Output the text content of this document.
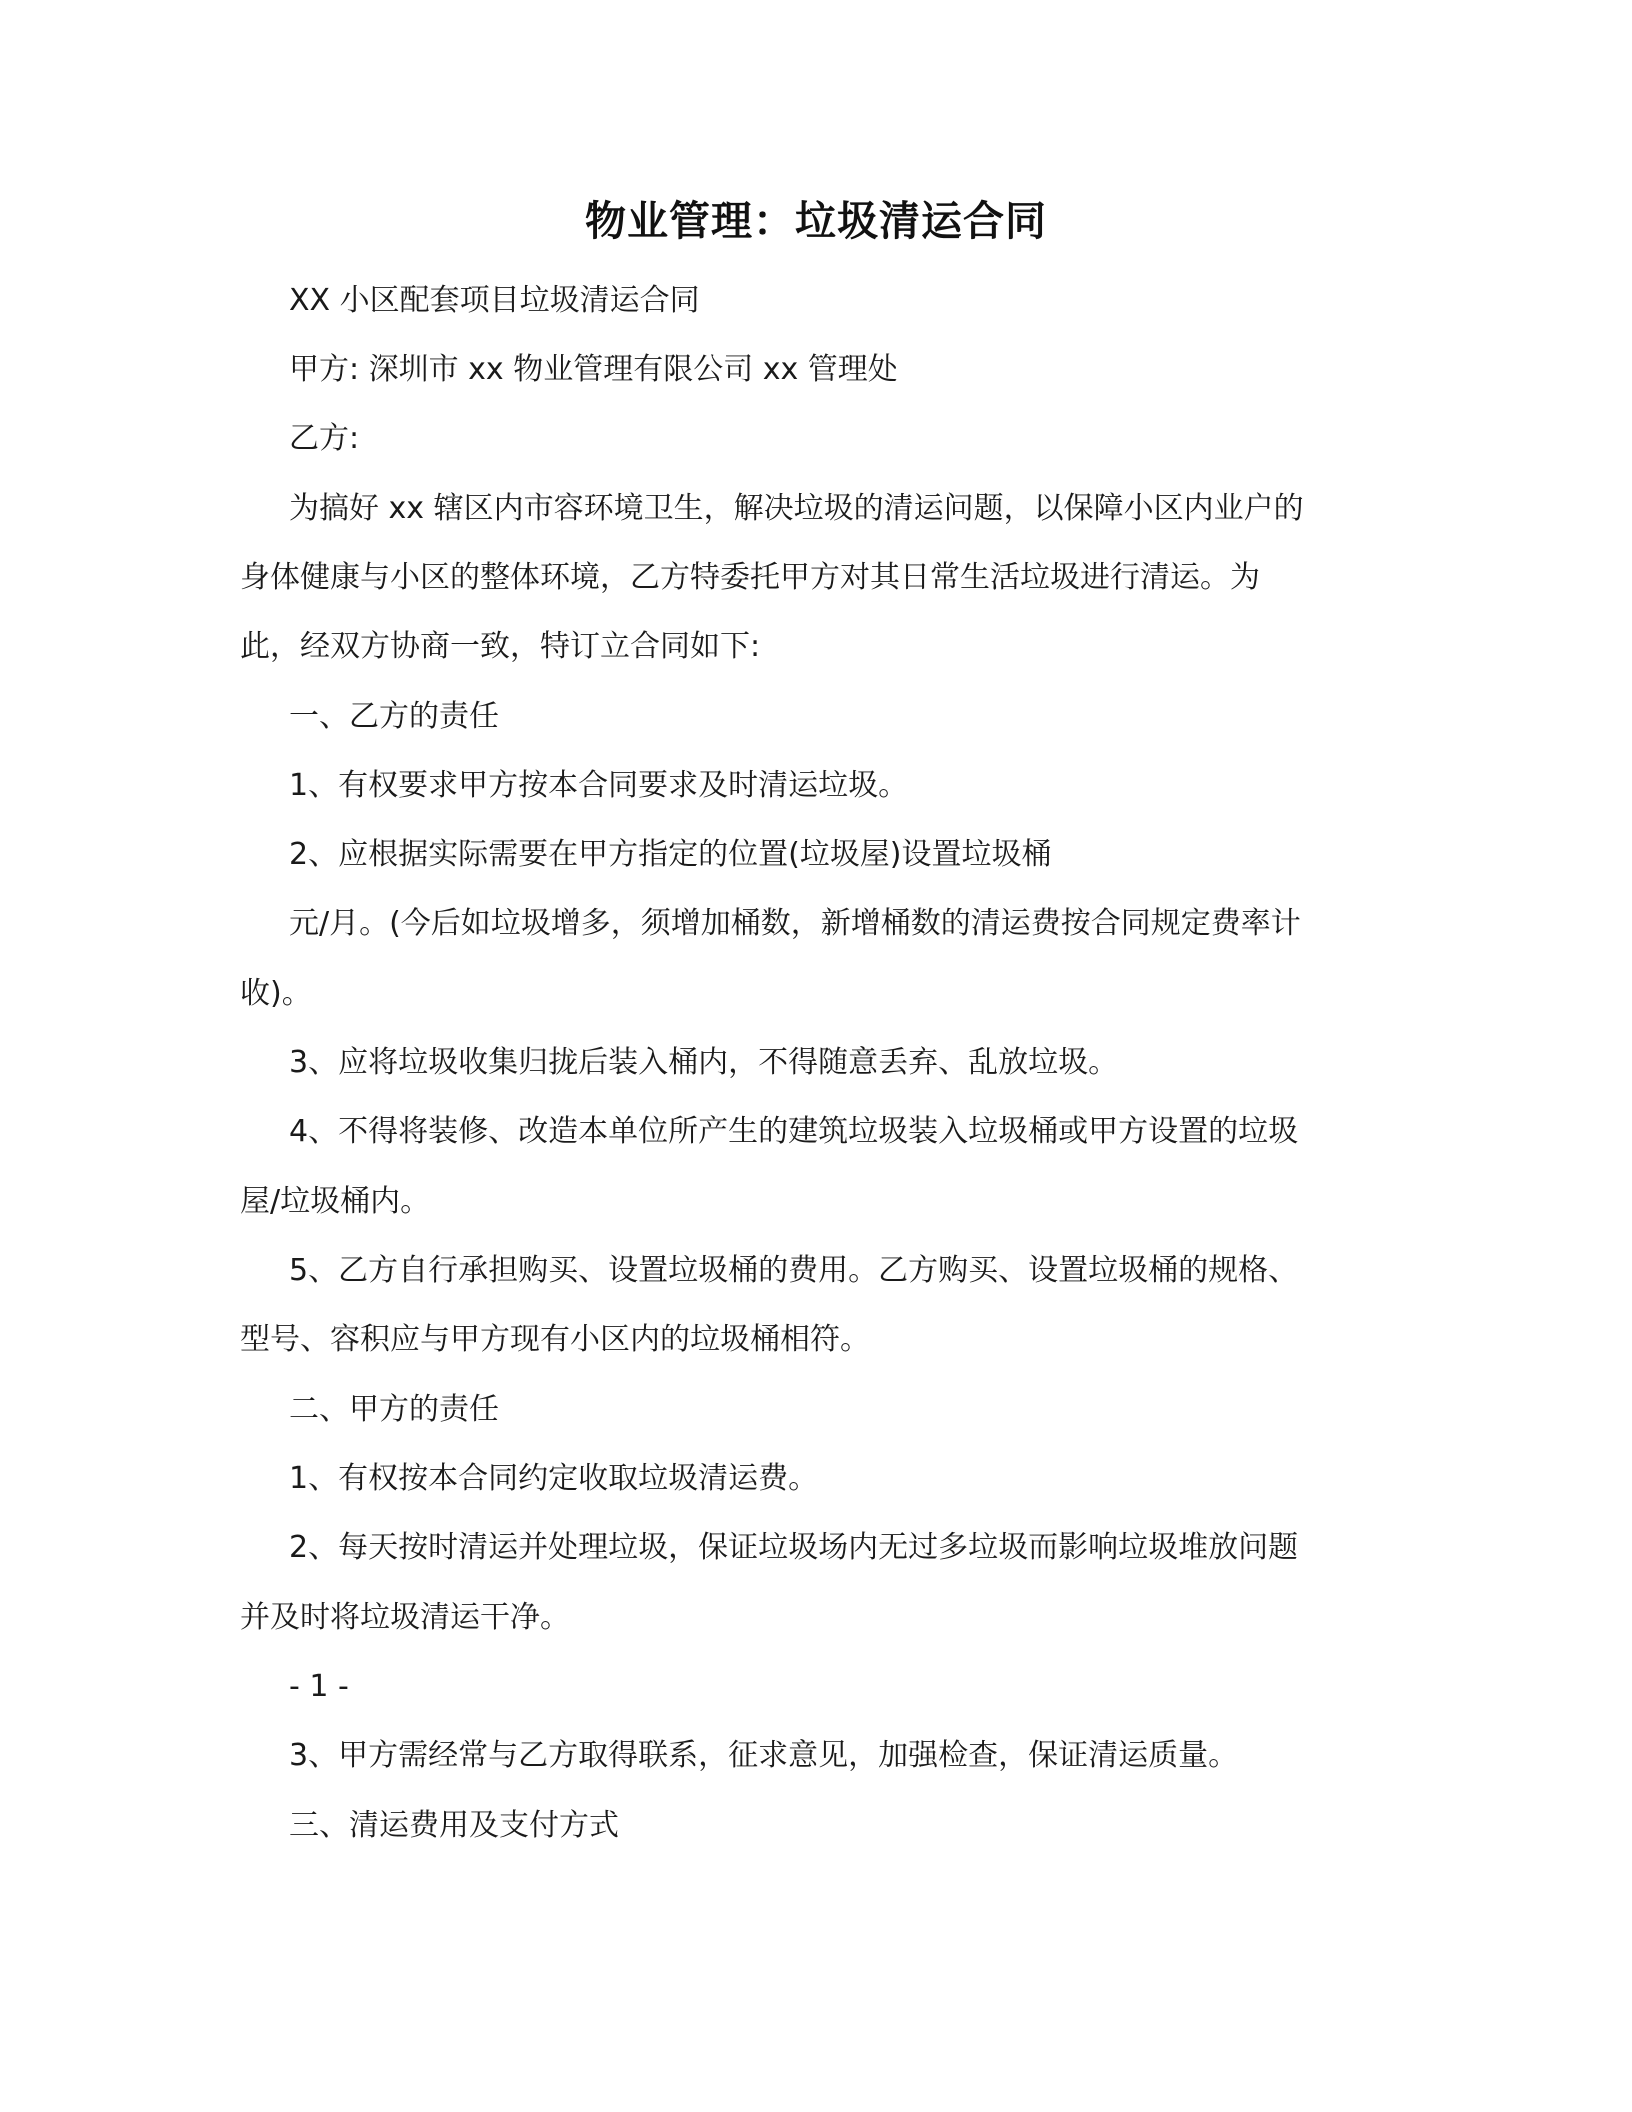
物业管理：垃圾清运合同
XX 小区配套项目垃圾清运合同
甲方: 深圳市 xx 物业管理有限公司 xx 管理处
乙方:
为搞好 xx 辖区内市容环境卫生，解决垃圾的清运问题，以保障小区内业户的
身体健康与小区的整体环境，乙方特委托甲方对其日常生活垃圾进行清运。为
此，经双方协商一致，特订立合同如下:
一、乙方的责任
1、有权要求甲方按本合同要求及时清运垃圾。
2、应根据实际需要在甲方指定的位置(垃圾屋)设置垃圾桶
元/月。(今后如垃圾增多，须增加桶数，新增桶数的清运费按合同规定费率计
收)。
3、应将垃圾收集归拢后装入桶内，不得随意丢弃、乱放垃圾。
4、不得将装修、改造本单位所产生的建筑垃圾装入垃圾桶或甲方设置的垃圾
屋/垃圾桶内。
5、乙方自行承担购买、设置垃圾桶的费用。乙方购买、设置垃圾桶的规格、
型号、容积应与甲方现有小区内的垃圾桶相符。
二、甲方的责任
1、有权按本合同约定收取垃圾清运费。
2、每天按时清运并处理垃圾，保证垃圾场内无过多垃圾而影响垃圾堆放问题
并及时将垃圾清运干净。
- 1 -
3、甲方需经常与乙方取得联系，征求意见，加强检查，保证清运质量。
三、清运费用及支付方式
